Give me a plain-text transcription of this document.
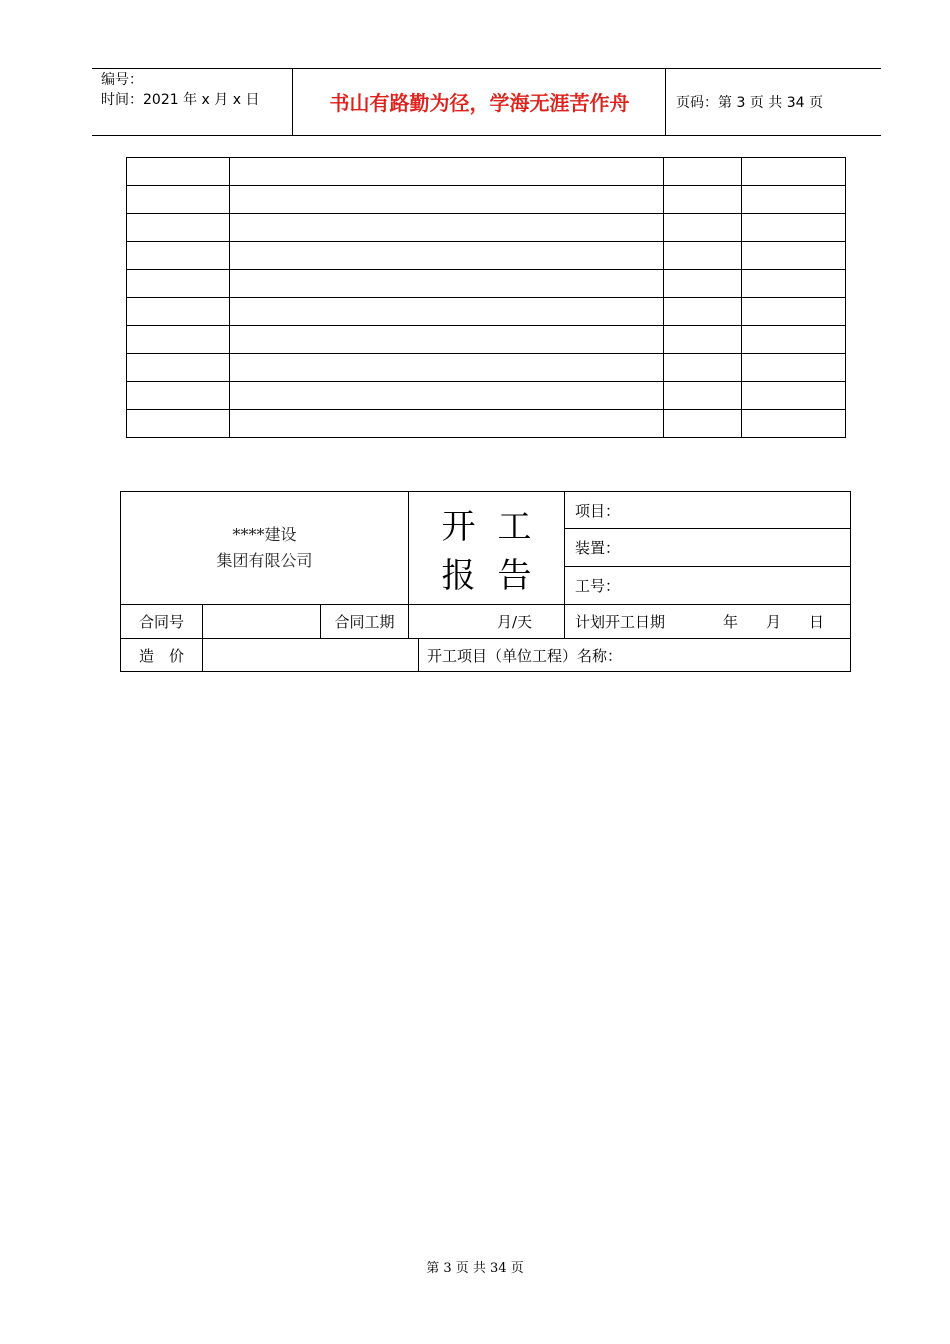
编号：
时间：2021 年 x 月 x 日	书山有路勤为径，学海无涯苦作舟	页码：第 3 页 共 34 页

****建设
集团有限公司			开工报告		项目：
					装置：
					工号：
合同号		合同工期	月/天		计划开工日期 年 月 日
造　价				开工项目（单位工程）名称：	
第 3 页 共 34 页
